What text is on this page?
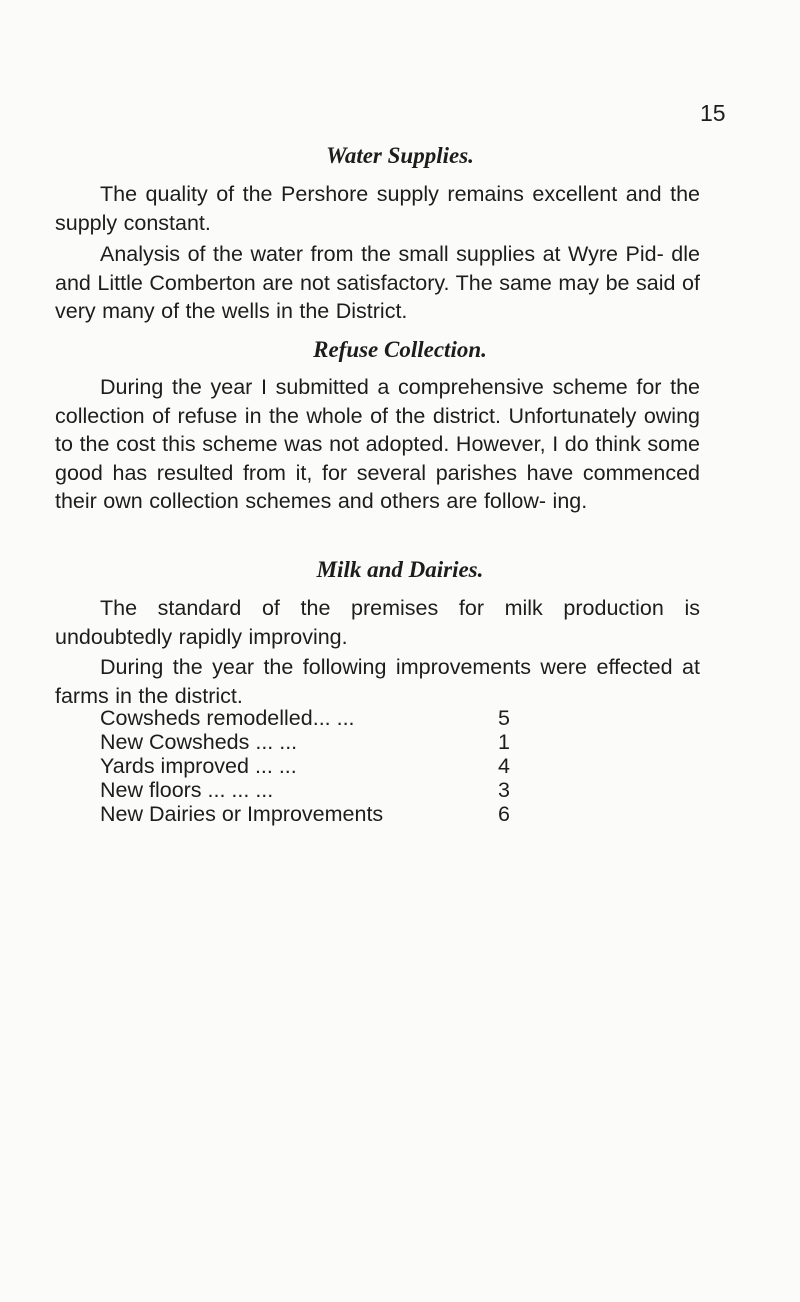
15

Water Supplies.

The quality of the Pershore supply remains excellent and the supply constant.

Analysis of the water from the small supplies at Wyre Pid- dle and Little Comberton are not satisfactory. The same may be said of very many of the wells in the District.

Refuse Collection.

During the year I submitted a comprehensive scheme for the collection of refuse in the whole of the district. Unfortunately owing to the cost this scheme was not adopted. However, I do think some good has resulted from it, for several parishes have commenced their own collection schemes and others are follow- ing.

Milk and Dairies.

The standard of the premises for milk production is undoubtedly rapidly improving.

During the year the following improvements were effected at farms in the district.

Cowsheds remodelled... ...	5
New Cowsheds ... ...	1
Yards improved ... ...	4
New floors ... ... ...	3
New Dairies or Improvements	6
